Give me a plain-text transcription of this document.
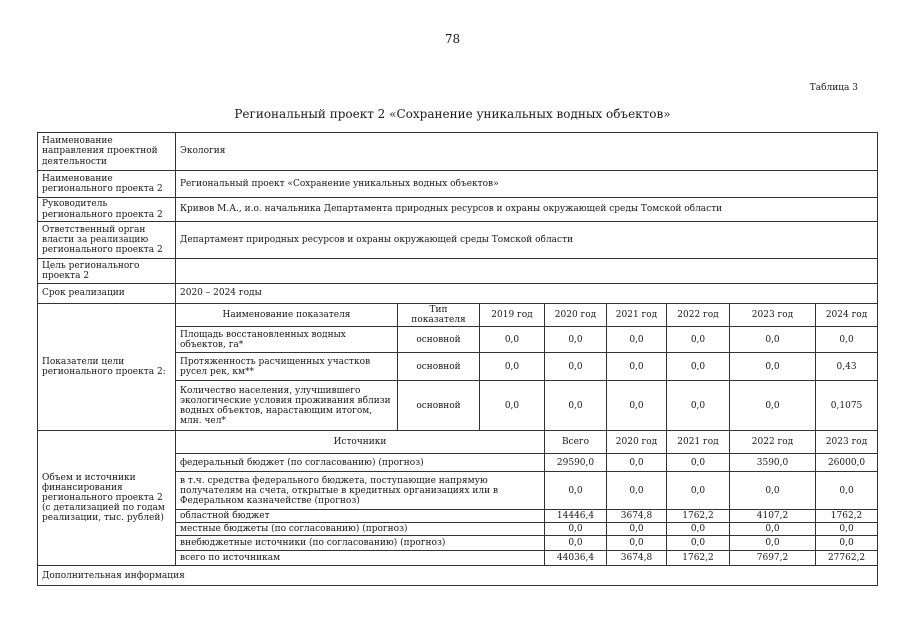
78
Таблица 3
Региональный проект 2 «Сохранение уникальных водных объектов»
Наименование направления проектной деятельности	Экология								
Наименование регионального проекта 2	Региональный проект «Сохранение уникальных водных объектов»								
Руководитель регионального проекта 2	Кривов М.А., и.о. начальника Департамента природных ресурсов и охраны окружающей среды Томской области								
Ответственный орган власти за реализацию регионального проекта 2	Департамент природных ресурсов и охраны окружающей среды Томской области								
Цель регионального проекта 2									
Срок реализации	2020 – 2024 годы								
Показатели цели регионального проекта 2:	Наименование показателя	Тип показателя	2019 год	2020 год	2021 год	2022 год	2023 год	2024 год	
	Площадь восстановленных водных объектов, га*	основной	0,0	0,0	0,0	0,0	0,0	0,0	
	Протяженность расчищенных участков русел рек, км**	основной	0,0	0,0	0,0	0,0	0,0	0,43	
	Количество населения, улучшившего экологические условия проживания вблизи водных объектов, нарастающим итогом, млн. чел*	основной	0,0	0,0	0,0	0,0	0,0	0,1075	
Объем и источники финансирования регионального проекта 2 (с детализацией по годам реализации, тыс. рублей)	Источники			Всего	2020 год	2021 год	2022 год	2023 год	
	федеральный бюджет (по согласованию) (прогноз)			29590,0	0,0	0,0	3590,0	26000,0	
	в т.ч. средства федерального бюджета, поступающие напрямую получателям на счета, открытые в кредитных организациях или в Федеральном казначействе (прогноз)			0,0	0,0	0,0	0,0	0,0	
	областной бюджет			14446,4	3674,8	1762,2	4107,2	1762,2	
	местные бюджеты (по согласованию) (прогноз)			0,0	0,0	0,0	0,0	0,0	
	внебюджетные источники (по согласованию) (прогноз)			0,0	0,0	0,0	0,0	0,0	
	всего по источникам			44036,4	3674,8	1762,2	7697,2	27762,2	
Дополнительная информация									
